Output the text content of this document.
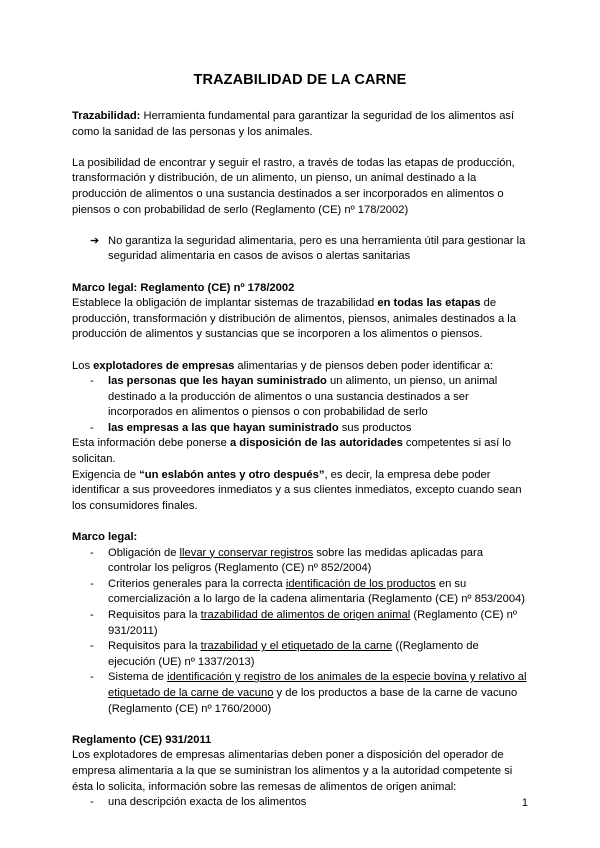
TRAZABILIDAD DE LA CARNE

Trazabilidad: Herramienta fundamental para garantizar la seguridad de los alimentos así como la sanidad de las personas y los animales.

La posibilidad de encontrar y seguir el rastro, a través de todas las etapas de producción, transformación y distribución, de un alimento, un pienso, un animal destinado a la producción de alimentos o una sustancia destinados a ser incorporados en alimentos o piensos o con probabilidad de serlo (Reglamento (CE) nº 178/2002)

➔ No garantiza la seguridad alimentaria, pero es una herramienta útil para gestionar la seguridad alimentaria en casos de avisos o alertas sanitarias

Marco legal: Reglamento (CE) nº 178/2002

Establece la obligación de implantar sistemas de trazabilidad en todas las etapas de producción, transformación y distribución de alimentos, piensos, animales destinados a la producción de alimentos y sustancias que se incorporen a los alimentos o piensos.

Los explotadores de empresas alimentarias y de piensos deben poder identificar a:

- las personas que les hayan suministrado un alimento, un pienso, un animal destinado a la producción de alimentos o una sustancia destinados a ser incorporados en alimentos o piensos o con probabilidad de serlo
- las empresas a las que hayan suministrado sus productos

Esta información debe ponerse a disposición de las autoridades competentes si así lo solicitan.

Exigencia de “un eslabón antes y otro después”, es decir, la empresa debe poder identificar a sus proveedores inmediatos y a sus clientes inmediatos, excepto cuando sean los consumidores finales.

Marco legal:

- Obligación de llevar y conservar registros sobre las medidas aplicadas para controlar los peligros (Reglamento (CE) nº 852/2004)
- Criterios generales para la correcta identificación de los productos en su comercialización a lo largo de la cadena alimentaria (Reglamento (CE) nº 853/2004)
- Requisitos para la trazabilidad de alimentos de origen animal (Reglamento (CE) nº 931/2011)
- Requisitos para la trazabilidad y el etiquetado de la carne ((Reglamento de ejecución (UE) nº 1337/2013)
- Sistema de identificación y registro de los animales de la especie bovina y relativo al etiquetado de la carne de vacuno y de los productos a base de la carne de vacuno (Reglamento (CE) nº 1760/2000)

Reglamento (CE) 931/2011

Los explotadores de empresas alimentarias deben poner a disposición del operador de empresa alimentaria a la que se suministran los alimentos y a la autoridad competente si ésta lo solicita, información sobre las remesas de alimentos de origen animal:

- una descripción exacta de los alimentos	1
